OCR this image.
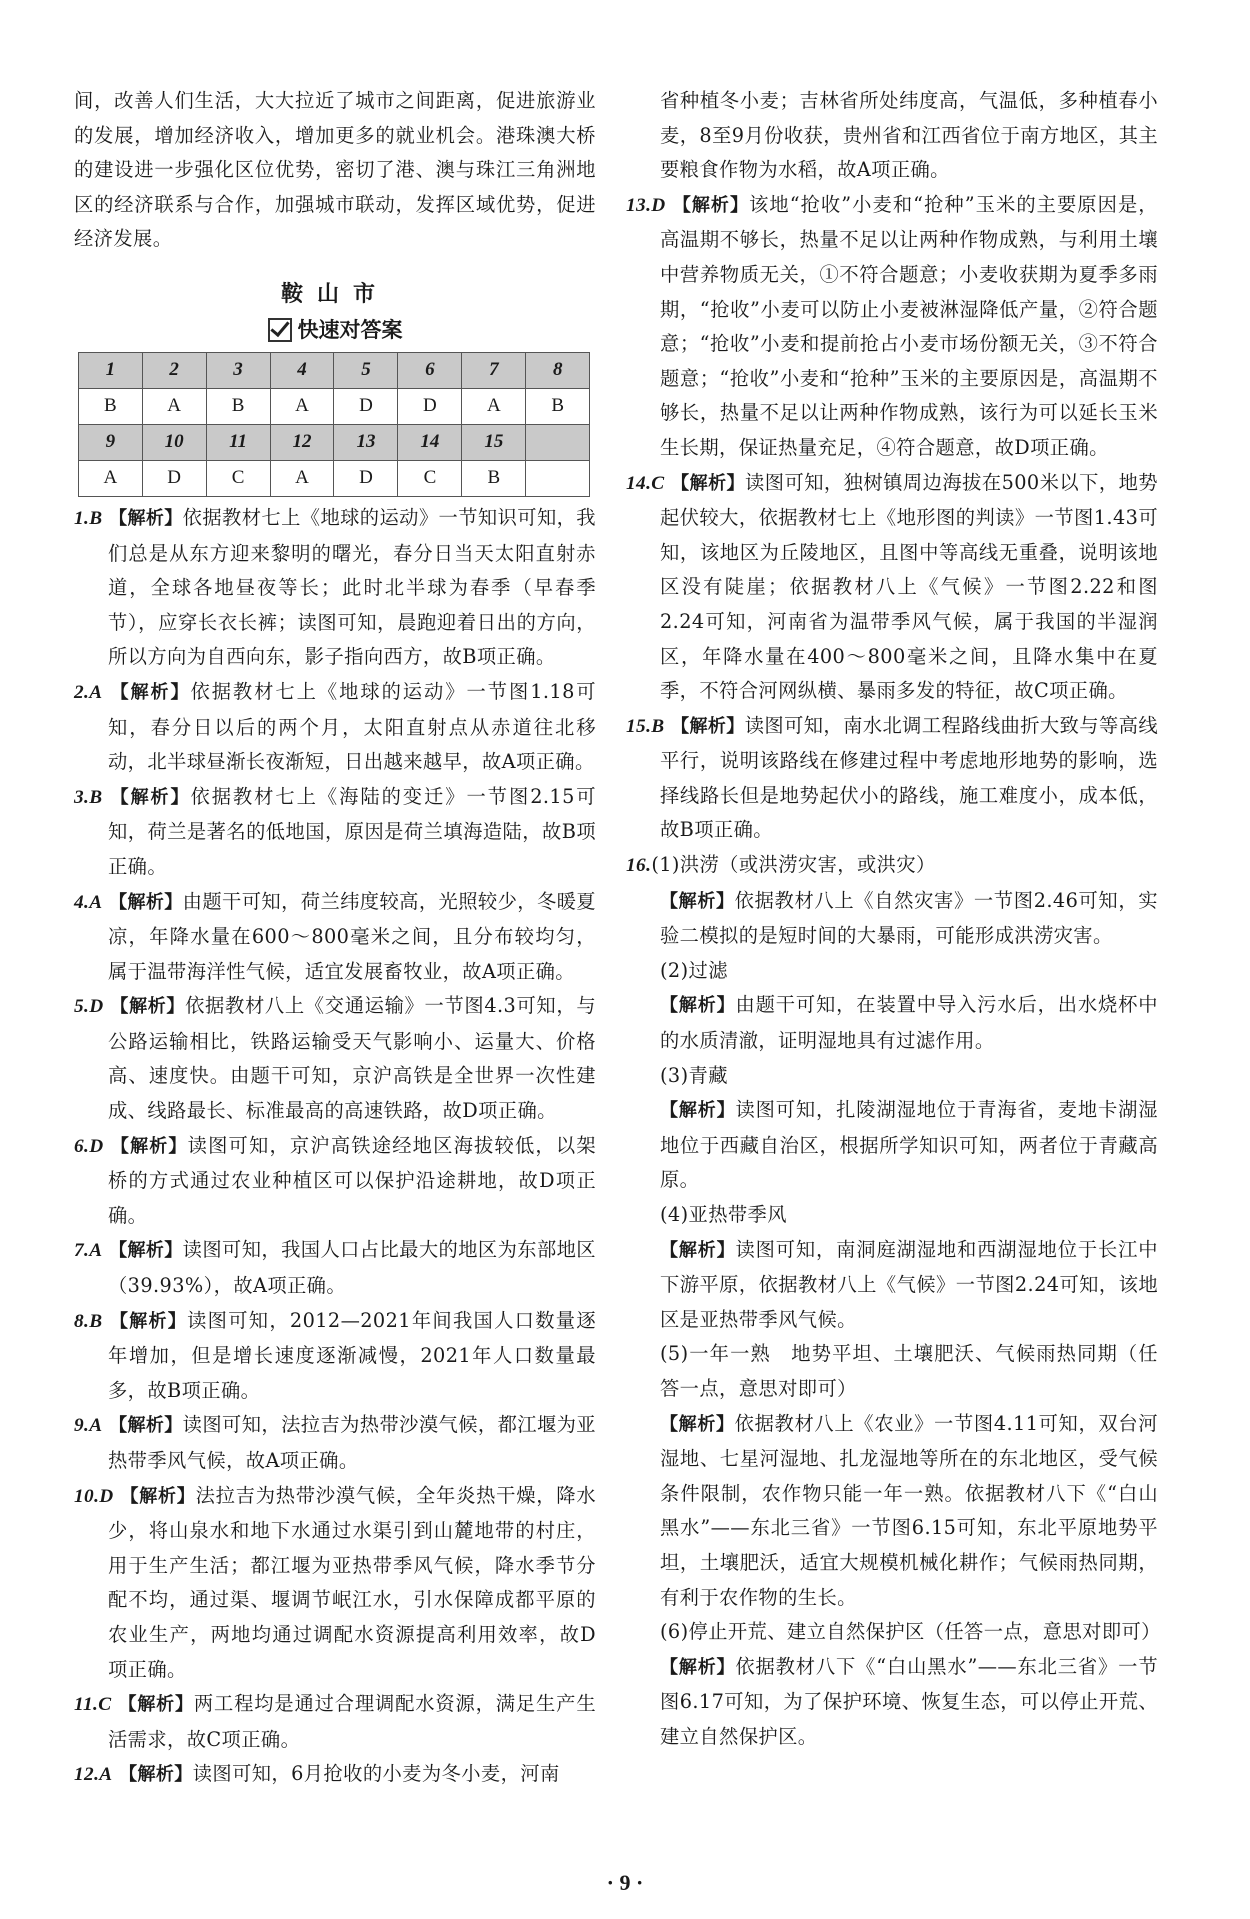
间，改善人们生活，大大拉近了城市之间距离，促进旅游业的发展，增加经济收入，增加更多的就业机会。港珠澳大桥的建设进一步强化区位优势，密切了港、澳与珠江三角洲地区的经济联系与合作，加强城市联动，发挥区域优势，促进经济发展。

鞍山市
快速对答案
1	2	3	4	5	6	7	8
B	A	B	A	D	D	A	B
9	10	11	12	13	14	15	
A	D	C	A	D	C	B	

1.B 【解析】依据教材七上《地球的运动》一节知识可知，我们总是从东方迎来黎明的曙光，春分日当天太阳直射赤道，全球各地昼夜等长；此时北半球为春季（早春季节），应穿长衣长裤；读图可知，晨跑迎着日出的方向，所以方向为自西向东，影子指向西方，故B项正确。

2.A 【解析】依据教材七上《地球的运动》一节图1.18可知，春分日以后的两个月，太阳直射点从赤道往北移动，北半球昼渐长夜渐短，日出越来越早，故A项正确。

3.B 【解析】依据教材七上《海陆的变迁》一节图2.15可知，荷兰是著名的低地国，原因是荷兰填海造陆，故B项正确。

4.A 【解析】由题干可知，荷兰纬度较高，光照较少，冬暖夏凉，年降水量在600～800毫米之间，且分布较均匀，属于温带海洋性气候，适宜发展畜牧业，故A项正确。

5.D 【解析】依据教材八上《交通运输》一节图4.3可知，与公路运输相比，铁路运输受天气影响小、运量大、价格高、速度快。由题干可知，京沪高铁是全世界一次性建成、线路最长、标准最高的高速铁路，故D项正确。

6.D 【解析】读图可知，京沪高铁途经地区海拔较低，以架桥的方式通过农业种植区可以保护沿途耕地，故D项正确。

7.A 【解析】读图可知，我国人口占比最大的地区为东部地区（39.93%），故A项正确。

8.B 【解析】读图可知，2012—2021年间我国人口数量逐年增加，但是增长速度逐渐减慢，2021年人口数量最多，故B项正确。

9.A 【解析】读图可知，法拉吉为热带沙漠气候，都江堰为亚热带季风气候，故A项正确。

10.D 【解析】法拉吉为热带沙漠气候，全年炎热干燥，降水少，将山泉水和地下水通过水渠引到山麓地带的村庄，用于生产生活；都江堰为亚热带季风气候，降水季节分配不均，通过渠、堰调节岷江水，引水保障成都平原的农业生产，两地均通过调配水资源提高利用效率，故D项正确。

11.C 【解析】两工程均是通过合理调配水资源，满足生产生活需求，故C项正确。

12.A 【解析】读图可知，6月抢收的小麦为冬小麦，河南

省种植冬小麦；吉林省所处纬度高，气温低，多种植春小麦，8至9月份收获，贵州省和江西省位于南方地区，其主要粮食作物为水稻，故A项正确。

13.D 【解析】该地“抢收”小麦和“抢种”玉米的主要原因是，高温期不够长，热量不足以让两种作物成熟，与利用土壤中营养物质无关，①不符合题意；小麦收获期为夏季多雨期，“抢收”小麦可以防止小麦被淋湿降低产量，②符合题意；“抢收”小麦和提前抢占小麦市场份额无关，③不符合题意；“抢收”小麦和“抢种”玉米的主要原因是，高温期不够长，热量不足以让两种作物成熟，该行为可以延长玉米生长期，保证热量充足，④符合题意，故D项正确。

14.C 【解析】读图可知，独树镇周边海拔在500米以下，地势起伏较大，依据教材七上《地形图的判读》一节图1.43可知，该地区为丘陵地区，且图中等高线无重叠，说明该地区没有陡崖；依据教材八上《气候》一节图2.22和图2.24可知，河南省为温带季风气候，属于我国的半湿润区，年降水量在400～800毫米之间，且降水集中在夏季，不符合河网纵横、暴雨多发的特征，故C项正确。

15.B 【解析】读图可知，南水北调工程路线曲折大致与等高线平行，说明该路线在修建过程中考虑地形地势的影响，选择线路长但是地势起伏小的路线，施工难度小，成本低，故B项正确。

16.(1)洪涝（或洪涝灾害，或洪灾）

【解析】依据教材八上《自然灾害》一节图2.46可知，实验二模拟的是短时间的大暴雨，可能形成洪涝灾害。

(2)过滤

【解析】由题干可知，在装置中导入污水后，出水烧杯中的水质清澈，证明湿地具有过滤作用。

(3)青藏

【解析】读图可知，扎陵湖湿地位于青海省，麦地卡湖湿地位于西藏自治区，根据所学知识可知，两者位于青藏高原。

(4)亚热带季风

【解析】读图可知，南洞庭湖湿地和西湖湿地位于长江中下游平原，依据教材八上《气候》一节图2.24可知，该地区是亚热带季风气候。

(5)一年一熟　地势平坦、土壤肥沃、气候雨热同期（任答一点，意思对即可）

【解析】依据教材八上《农业》一节图4.11可知，双台河湿地、七星河湿地、扎龙湿地等所在的东北地区，受气候条件限制，农作物只能一年一熟。依据教材八下《“白山黑水”——东北三省》一节图6.15可知，东北平原地势平坦，土壤肥沃，适宜大规模机械化耕作；气候雨热同期，有利于农作物的生长。

(6)停止开荒、建立自然保护区（任答一点，意思对即可）

【解析】依据教材八下《“白山黑水”——东北三省》一节图6.17可知，为了保护环境、恢复生态，可以停止开荒、建立自然保护区。

· 9 ·
